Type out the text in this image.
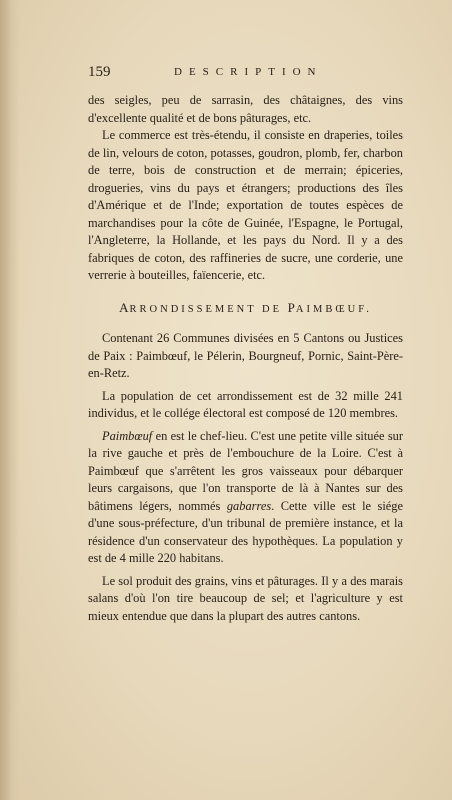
159	DESCRIPTION

des seigles, peu de sarrasin, des châtaignes, des vins d'excellente qualité et de bons pâturages, etc.

Le commerce est très-étendu, il consiste en draperies, toiles de lin, velours de coton, potasses, goudron, plomb, fer, charbon de terre, bois de construction et de merrain; épiceries, drogueries, vins du pays et étrangers; productions des îles d'Amérique et de l'Inde; exportation de toutes espèces de marchandises pour la côte de Guinée, l'Espagne, le Portugal, l'Angleterre, la Hollande, et les pays du Nord. Il y a des fabriques de coton, des raffineries de sucre, une corderie, une verrerie à bouteilles, faïencerie, etc.

ARRONDISSEMENT DE PAIMBŒUF.

Contenant 26 Communes divisées en 5 Cantons ou Justices de Paix : Paimbœuf, le Pélerin, Bourgneuf, Pornic, Saint-Père-en-Retz.

La population de cet arrondissement est de 32 mille 241 individus, et le collége électoral est composé de 120 membres.

Paimbœuf en est le chef-lieu. C'est une petite ville située sur la rive gauche et près de l'embouchure de la Loire. C'est à Paimbœuf que s'arrêtent les gros vaisseaux pour débarquer leurs cargaisons, que l'on transporte de là à Nantes sur des bâtimens légers, nommés gabarres. Cette ville est le siége d'une sous-préfecture, d'un tribunal de première instance, et la résidence d'un conservateur des hypothèques. La population y est de 4 mille 220 habitans.

Le sol produit des grains, vins et pâturages. Il y a des marais salans d'où l'on tire beaucoup de sel; et l'agriculture y est mieux entendue que dans la plupart des autres cantons.
